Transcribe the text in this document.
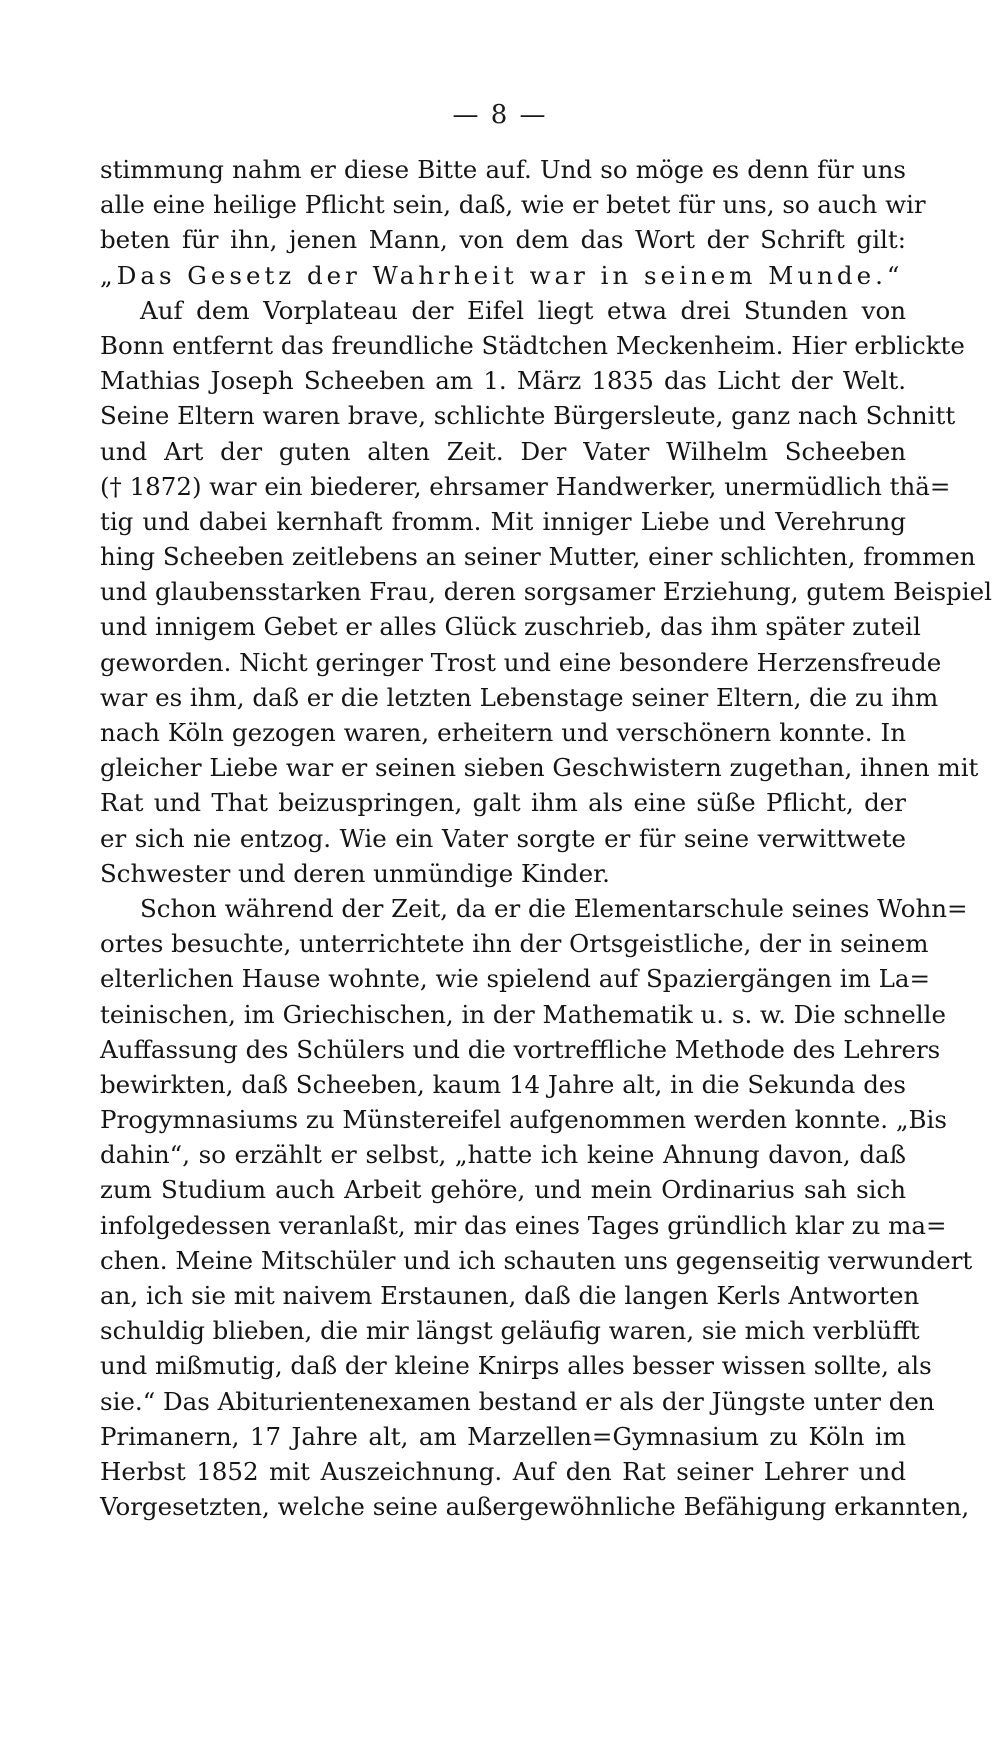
— 8 —
stimmung nahm er diese Bitte auf. Und so möge es denn für uns
alle eine heilige Pflicht sein, daß, wie er betet für uns, so auch wir
beten für ihn, jenen Mann, von dem das Wort der Schrift gilt:
„Das Gesetz der Wahrheit war in seinem Munde.“
Auf dem Vorplateau der Eifel liegt etwa drei Stunden von
Bonn entfernt das freundliche Städtchen Meckenheim. Hier erblickte
Mathias Joseph Scheeben am 1. März 1835 das Licht der Welt.
Seine Eltern waren brave, schlichte Bürgersleute, ganz nach Schnitt
und Art der guten alten Zeit. Der Vater Wilhelm Scheeben
(† 1872) war ein biederer, ehrsamer Handwerker, unermüdlich thä=
tig und dabei kernhaft fromm. Mit inniger Liebe und Verehrung
hing Scheeben zeitlebens an seiner Mutter, einer schlichten, frommen
und glaubensstarken Frau, deren sorgsamer Erziehung, gutem Beispiel
und innigem Gebet er alles Glück zuschrieb, das ihm später zuteil
geworden. Nicht geringer Trost und eine besondere Herzensfreude
war es ihm, daß er die letzten Lebenstage seiner Eltern, die zu ihm
nach Köln gezogen waren, erheitern und verschönern konnte. In
gleicher Liebe war er seinen sieben Geschwistern zugethan, ihnen mit
Rat und That beizuspringen, galt ihm als eine süße Pflicht, der
er sich nie entzog. Wie ein Vater sorgte er für seine verwittwete
Schwester und deren unmündige Kinder.
Schon während der Zeit, da er die Elementarschule seines Wohn=
ortes besuchte, unterrichtete ihn der Ortsgeistliche, der in seinem
elterlichen Hause wohnte, wie spielend auf Spaziergängen im La=
teinischen, im Griechischen, in der Mathematik u. s. w. Die schnelle
Auffassung des Schülers und die vortreffliche Methode des Lehrers
bewirkten, daß Scheeben, kaum 14 Jahre alt, in die Sekunda des
Progymnasiums zu Münstereifel aufgenommen werden konnte. „Bis
dahin“, so erzählt er selbst, „hatte ich keine Ahnung davon, daß
zum Studium auch Arbeit gehöre, und mein Ordinarius sah sich
infolgedessen veranlaßt, mir das eines Tages gründlich klar zu ma=
chen. Meine Mitschüler und ich schauten uns gegenseitig verwundert
an, ich sie mit naivem Erstaunen, daß die langen Kerls Antworten
schuldig blieben, die mir längst geläufig waren, sie mich verblüfft
und mißmutig, daß der kleine Knirps alles besser wissen sollte, als
sie.“ Das Abiturientenexamen bestand er als der Jüngste unter den
Primanern, 17 Jahre alt, am Marzellen=Gymnasium zu Köln im
Herbst 1852 mit Auszeichnung. Auf den Rat seiner Lehrer und
Vorgesetzten, welche seine außergewöhnliche Befähigung erkannten,
